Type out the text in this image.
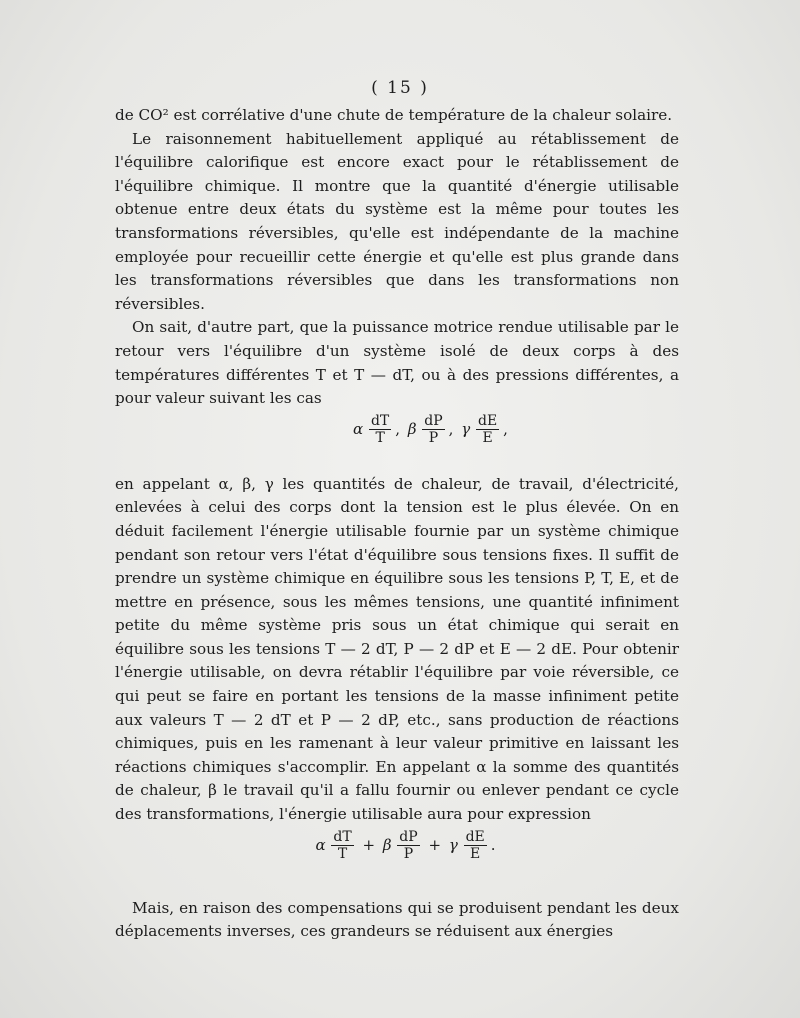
( 15 )

de CO² est corrélative d'une chute de température de la chaleur solaire.

Le raisonnement habituellement appliqué au rétablissement de l'équilibre calorifique est encore exact pour le rétablissement de l'équilibre chimique. Il montre que la quantité d'énergie utilisable obtenue entre deux états du système est la même pour toutes les transformations réversibles, qu'elle est indépendante de la machine employée pour recueillir cette énergie et qu'elle est plus grande dans les transformations réversibles que dans les transformations non réversibles.

On sait, d'autre part, que la puissance motrice rendue utilisable par le retour vers l'équilibre d'un système isolé de deux corps à des températures différentes T et T — dT, ou à des pressions différentes, a pour valeur suivant les cas

α $\frac{dT}{T}$ , β $\frac{dP}{P}$ , γ $\frac{dE}{E}$ ,

en appelant α, β, γ les quantités de chaleur, de travail, d'électricité, enlevées à celui des corps dont la tension est le plus élevée. On en déduit facilement l'énergie utilisable fournie par un système chimique pendant son retour vers l'état d'équilibre sous tensions fixes. Il suffit de prendre un système chimique en équilibre sous les tensions P, T, E, et de mettre en présence, sous les mêmes tensions, une quantité infiniment petite du même système pris sous un état chimique qui serait en équilibre sous les tensions T — 2 dT, P — 2 dP et E — 2 dE. Pour obtenir l'énergie utilisable, on devra rétablir l'équilibre par voie réversible, ce qui peut se faire en portant les tensions de la masse infiniment petite aux valeurs T — 2 dT et P — 2 dP, etc., sans production de réactions chimiques, puis en les ramenant à leur valeur primitive en laissant les réactions chimiques s'accomplir. En appelant α la somme des quantités de chaleur, β le travail qu'il a fallu fournir ou enlever pendant ce cycle des transformations, l'énergie utilisable aura pour expression

α $\frac{dT}{T} + \beta \frac{dP}{P} + \gamma \frac{dE}{E}$ .

Mais, en raison des compensations qui se produisent pendant les deux déplacements inverses, ces grandeurs se réduisent aux énergies
